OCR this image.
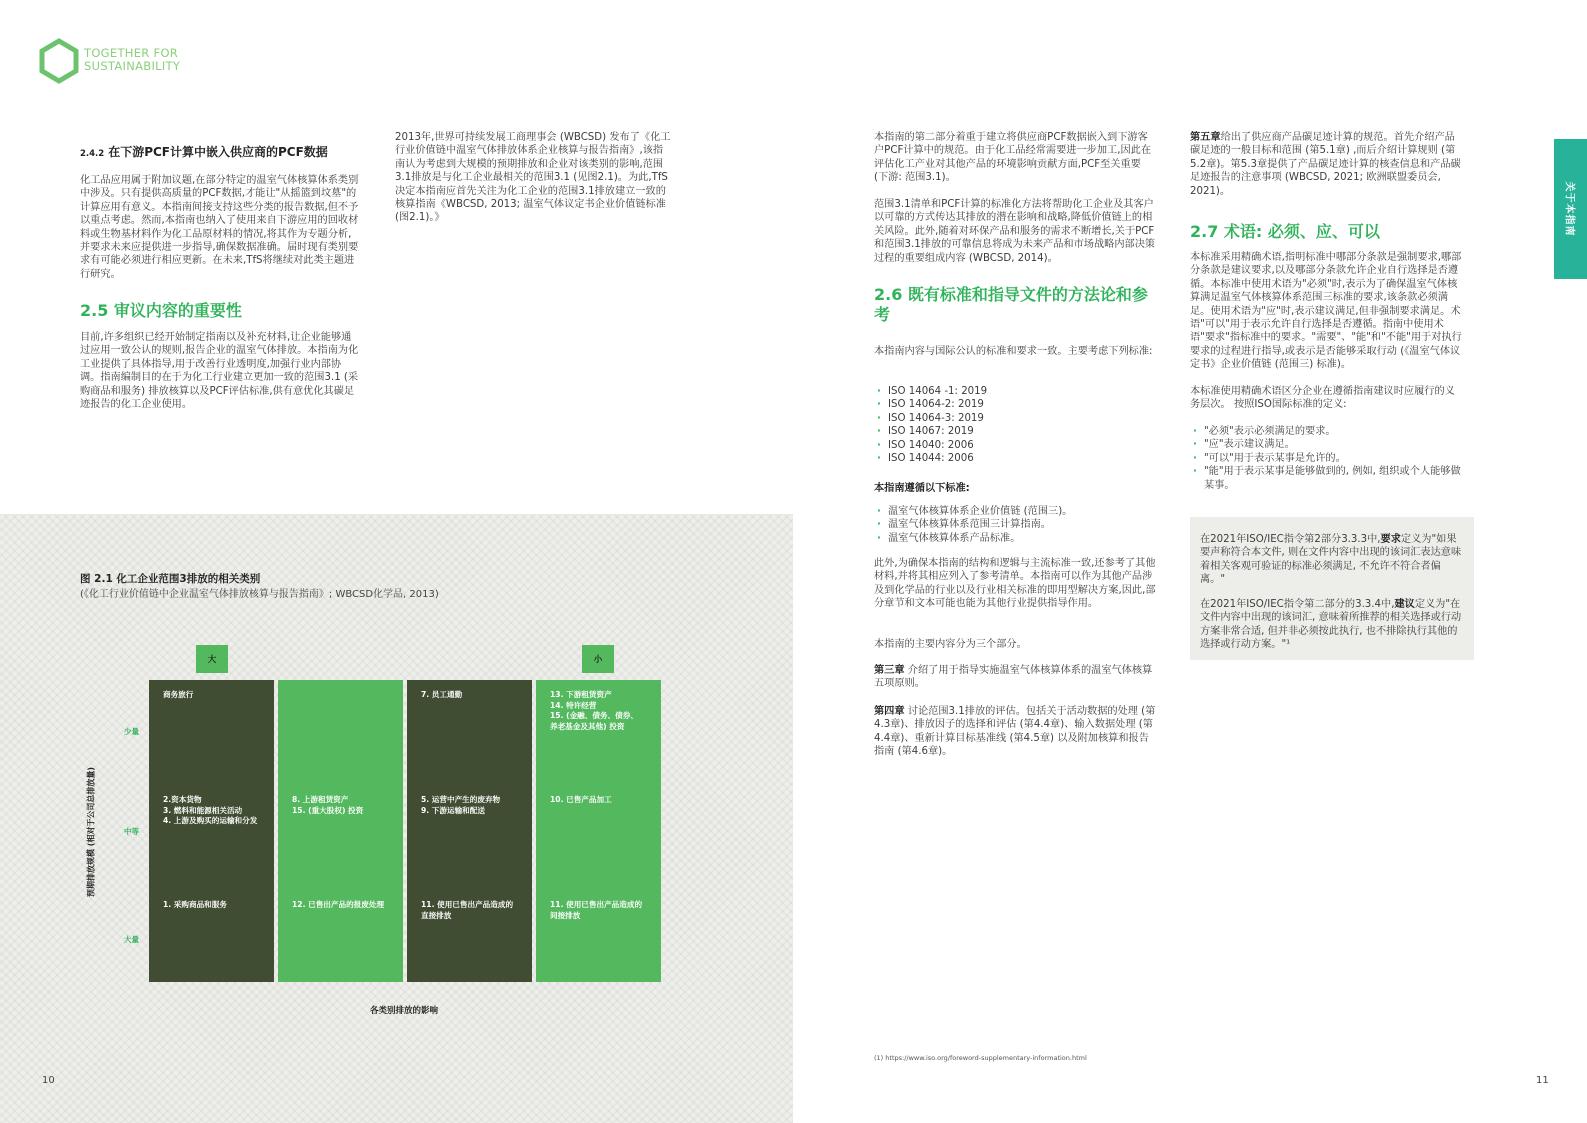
TOGETHER FOR
SUSTAINABILITY
2.4.2 在下游PCF计算中嵌入供应商的PCF数据

化工品应用属于附加议题,在部分特定的温室气体核算体系类别中涉及。只有提供高质量的PCF数据,才能让"从摇篮到坟墓"的计算应用有意义。本指南间接支持这些分类的报告数据,但不予以重点考虑。然而,本指南也纳入了使用来自下游应用的回收材料或生物基材料作为化工品原材料的情况,将其作为专题分析,并要求未来应提供进一步指导,确保数据准确。届时现有类别要求有可能必须进行相应更新。在未来,TfS将继续对此类主题进行研究。

2.5 审议内容的重要性

目前,许多组织已经开始制定指南以及补充材料,让企业能够通过应用一致公认的规则,报告企业的温室气体排放。本指南为化工业提供了具体指导,用于改善行业透明度,加强行业内部协调。指南编制目的在于为化工行业建立更加一致的范围3.1 (采购商品和服务) 排放核算以及PCF评估标准,供有意优化其碳足迹报告的化工企业使用。

2013年,世界可持续发展工商理事会 (WBCSD) 发布了《化工行业价值链中温室气体排放体系企业核算与报告指南》,该指南认为考虑到大规模的预期排放和企业对该类别的影响,范围3.1排放是与化工企业最相关的范围3.1 (见图2.1)。为此,TfS决定本指南应首先关注为化工企业的范围3.1排放建立一致的核算指南《WBCSD, 2013; 温室气体议定书企业价值链标准 (图2.1)。》

图 2.1 化工企业范围3排放的相关类别
(《化工行业价值链中企业温室气体排放核算与报告指南》; WBCSD化学品, 2013)
大	小
预期排放规模 (相对于公司总排放量)
少量
中等
大量
商务旅行
2.资本货物
3. 燃料和能源相关活动
4. 上游及购买的运输和分发
1. 采购商品和服务
8. 上游租赁资产
15. (重大股权) 投资
12. 已售出产品的报废处理
7. 员工通勤
5. 运营中产生的废弃物
9. 下游运输和配送
11. 使用已售出产品造成的
直接排放
13. 下游租赁资产
14. 特许经营
15. (金融、债务、债券、
养老基金及其他) 投资
10. 已售产品加工
11. 使用已售出产品造成的
间接排放
各类别排放的影响
10

本指南的第二部分着重于建立将供应商PCF数据嵌入到下游客户PCF计算中的规范。由于化工品经常需要进一步加工,因此在评估化工产业对其他产品的环境影响贡献方面,PCF至关重要 (下游: 范围3.1)。

范围3.1清单和PCF计算的标准化方法将帮助化工企业及其客户以可靠的方式传达其排放的潜在影响和战略,降低价值链上的相关风险。此外,随着对环保产品和服务的需求不断增长,关于PCF和范围3.1排放的可靠信息将成为未来产品和市场战略内部决策过程的重要组成内容 (WBCSD, 2014)。

2.6 既有标准和指导文件的方法论和参考

本指南内容与国际公认的标准和要求一致。主要考虑下列标准:

· ISO 14064 -1: 2019
· ISO 14064-2: 2019
· ISO 14064-3: 2019
· ISO 14067: 2019
· ISO 14040: 2006
· ISO 14044: 2006
本指南遵循以下标准:
· 温室气体核算体系企业价值链 (范围三)。
· 温室气体核算体系范围三计算指南。
· 温室气体核算体系产品标准。

此外,为确保本指南的结构和逻辑与主流标准一致,还参考了其他材料,并将其相应列入了参考清单。本指南可以作为其他产品涉及到化学品的行业以及行业相关标准的即用型解决方案,因此,部分章节和文本可能也能为其他行业提供指导作用。

本指南的主要内容分为三个部分。

第三章 介绍了用于指导实施温室气体核算体系的温室气体核算五项原则。

第四章 讨论范围3.1排放的评估。包括关于活动数据的处理 (第4.3章)、排放因子的选择和评估 (第4.4章)、输入数据处理 (第4.4章)、重新计算目标基准线 (第4.5章) 以及附加核算和报告指南 (第4.6章)。

(1) https://www.iso.org/foreword-supplementary-information.html

第五章给出了供应商产品碳足迹计算的规范。首先介绍产品碳足迹的一般目标和范围 (第5.1章) ,而后介绍计算规则 (第5.2章)。第5.3章提供了产品碳足迹计算的核查信息和产品碳足迹报告的注意事项 (WBCSD, 2021; 欧洲联盟委员会, 2021)。

2.7 术语: 必须、应、可以

本标准采用精确术语,指明标准中哪部分条款是强制要求,哪部分条款是建议要求,以及哪部分条款允许企业自行选择是否遵循。本标准中使用术语为"必须"时,表示为了确保温室气体核算满足温室气体核算体系范围三标准的要求,该条款必须满足。使用术语为"应"时,表示建议满足,但非强制要求满足。术语"可以"用于表示允许自行选择是否遵循。指南中使用术语"要求"指标准中的要求。"需要"、"能"和"不能"用于对执行要求的过程进行指导,或表示是否能够采取行动 (《温室气体议定书》企业价值链 (范围三) 标准)。

本标准使用精确术语区分企业在遵循指南建议时应履行的义务层次。 按照ISO国际标准的定义:

· "必须"表示必须满足的要求。
· "应"表示建议满足。
· "可以"用于表示某事是允许的。
· "能"用于表示某事是能够做到的, 例如, 组织或个人能够做某事。

在2021年ISO/IEC指令第2部分3.3.3中,要求定义为"如果要声称符合本文件, 则在文件内容中出现的该词汇表达意味着相关客观可验证的标准必须满足, 不允许不符合者偏离。"

在2021年ISO/IEC指令第二部分的3.3.4中,建议定义为"在文件内容中出现的该词汇, 意味着所推荐的相关选择或行动方案非常合适, 但并非必须按此执行, 也不排除执行其他的选择或行动方案。"¹

11
关于本指南
